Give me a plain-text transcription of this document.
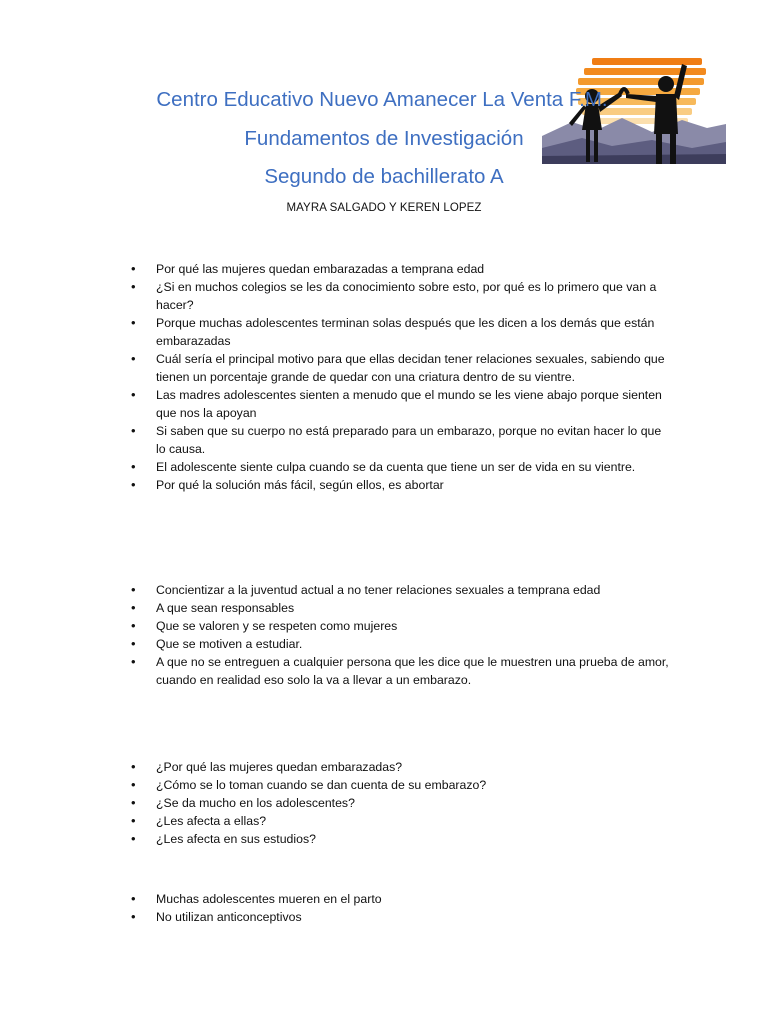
Centro Educativo Nuevo Amanecer La Venta F.M.
Fundamentos de Investigación
Segundo de bachillerato A

MAYRA SALGADO Y KEREN LOPEZ

• Por qué las mujeres quedan embarazadas a temprana edad
• ¿Si en muchos colegios se les da conocimiento sobre esto, por qué es lo primero que van a hacer?
• Porque muchas adolescentes terminan solas después que les dicen a los demás que están embarazadas
• Cuál sería el principal motivo para que ellas decidan tener relaciones sexuales, sabiendo que tienen un porcentaje grande de quedar con una criatura dentro de su vientre.
• Las madres adolescentes sienten a menudo que el mundo se les viene abajo porque sienten que nos la apoyan
• Si saben que su cuerpo no está preparado para un embarazo, porque no evitan hacer lo que lo causa.
• El adolescente siente culpa cuando se da cuenta que tiene un ser de vida en su vientre.
• Por qué la solución más fácil, según ellos, es abortar
• Concientizar a la juventud actual a no tener relaciones sexuales a temprana edad
• A que sean responsables
• Que se valoren y se respeten como mujeres
• Que se motiven a estudiar.
• A que no se entreguen a cualquier persona que les dice que le muestren una prueba de amor, cuando en realidad eso solo la va a llevar a un embarazo.
• ¿Por qué las mujeres quedan embarazadas?
• ¿Cómo se lo toman cuando se dan cuenta de su embarazo?
• ¿Se da mucho en los adolescentes?
• ¿Les afecta a ellas?
• ¿Les afecta en sus estudios?
• Muchas adolescentes mueren en el parto
• No utilizan anticonceptivos
